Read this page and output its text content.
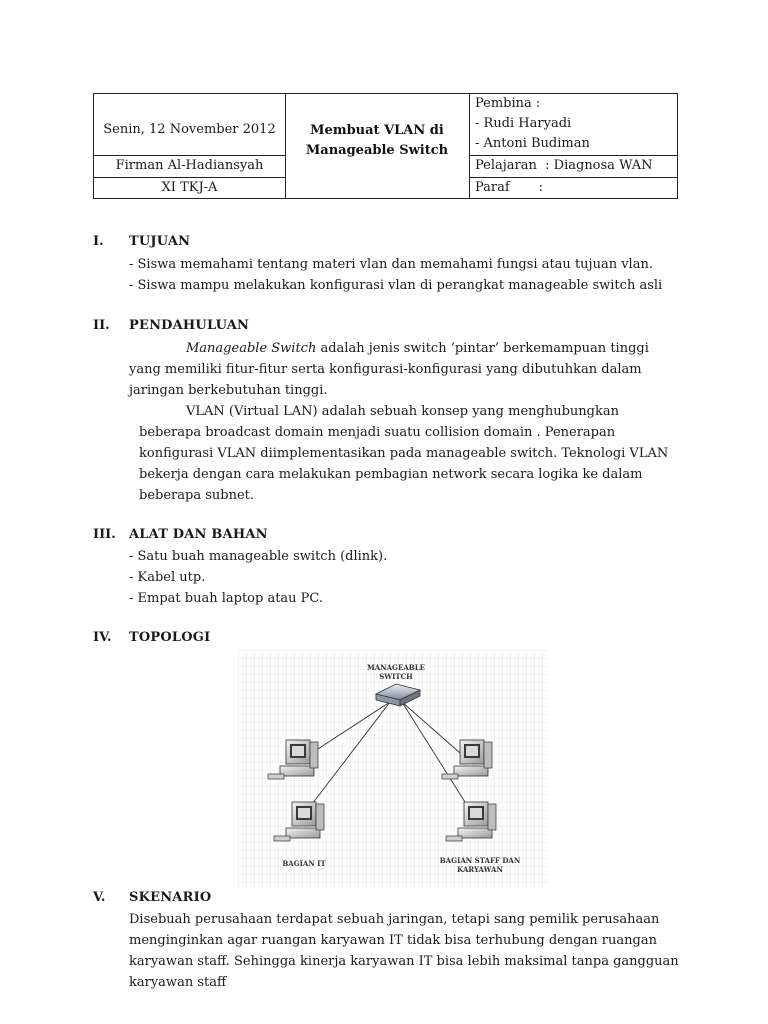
Senin, 12 November 2012
Firman Al-Hadiansyah
XI TKJ-A
Membuat VLAN di
Manageable Switch
Pembina :
- Rudi Haryadi
- Antoni Budiman
Pelajaran  : Diagnosa WAN
Paraf       :
I. TUJUAN
- Siswa memahami tentang materi vlan dan memahami fungsi atau tujuan vlan.
- Siswa mampu melakukan konfigurasi vlan di perangkat manageable switch asli
II. PENDAHULUAN
Manageable Switch adalah jenis switch ‘pintar’ berkemampuan tinggi
yang memiliki fitur-fitur serta konfigurasi-konfigurasi yang dibutuhkan dalam
jaringan berkebutuhan tinggi.
VLAN (Virtual LAN) adalah sebuah konsep yang menghubungkan
beberapa broadcast domain menjadi suatu collision domain . Penerapan
konfigurasi VLAN diimplementasikan pada manageable switch. Teknologi VLAN
bekerja dengan cara melakukan pembagian network secara logika ke dalam
beberapa subnet.
III. ALAT DAN BAHAN
- Satu buah manageable switch (dlink).
- Kabel utp.
- Empat buah laptop atau PC.
IV. TOPOLOGI
MANAGEABLE
SWITCH
BAGIAN IT	BAGIAN STAFF DAN
KARYAWAN
V. SKENARIO
Disebuah perusahaan terdapat sebuah jaringan, tetapi sang pemilik perusahaan
menginginkan agar ruangan karyawan IT tidak bisa terhubung dengan ruangan
karyawan staff. Sehingga kinerja karyawan IT bisa lebih maksimal tanpa gangguan
karyawan staff
